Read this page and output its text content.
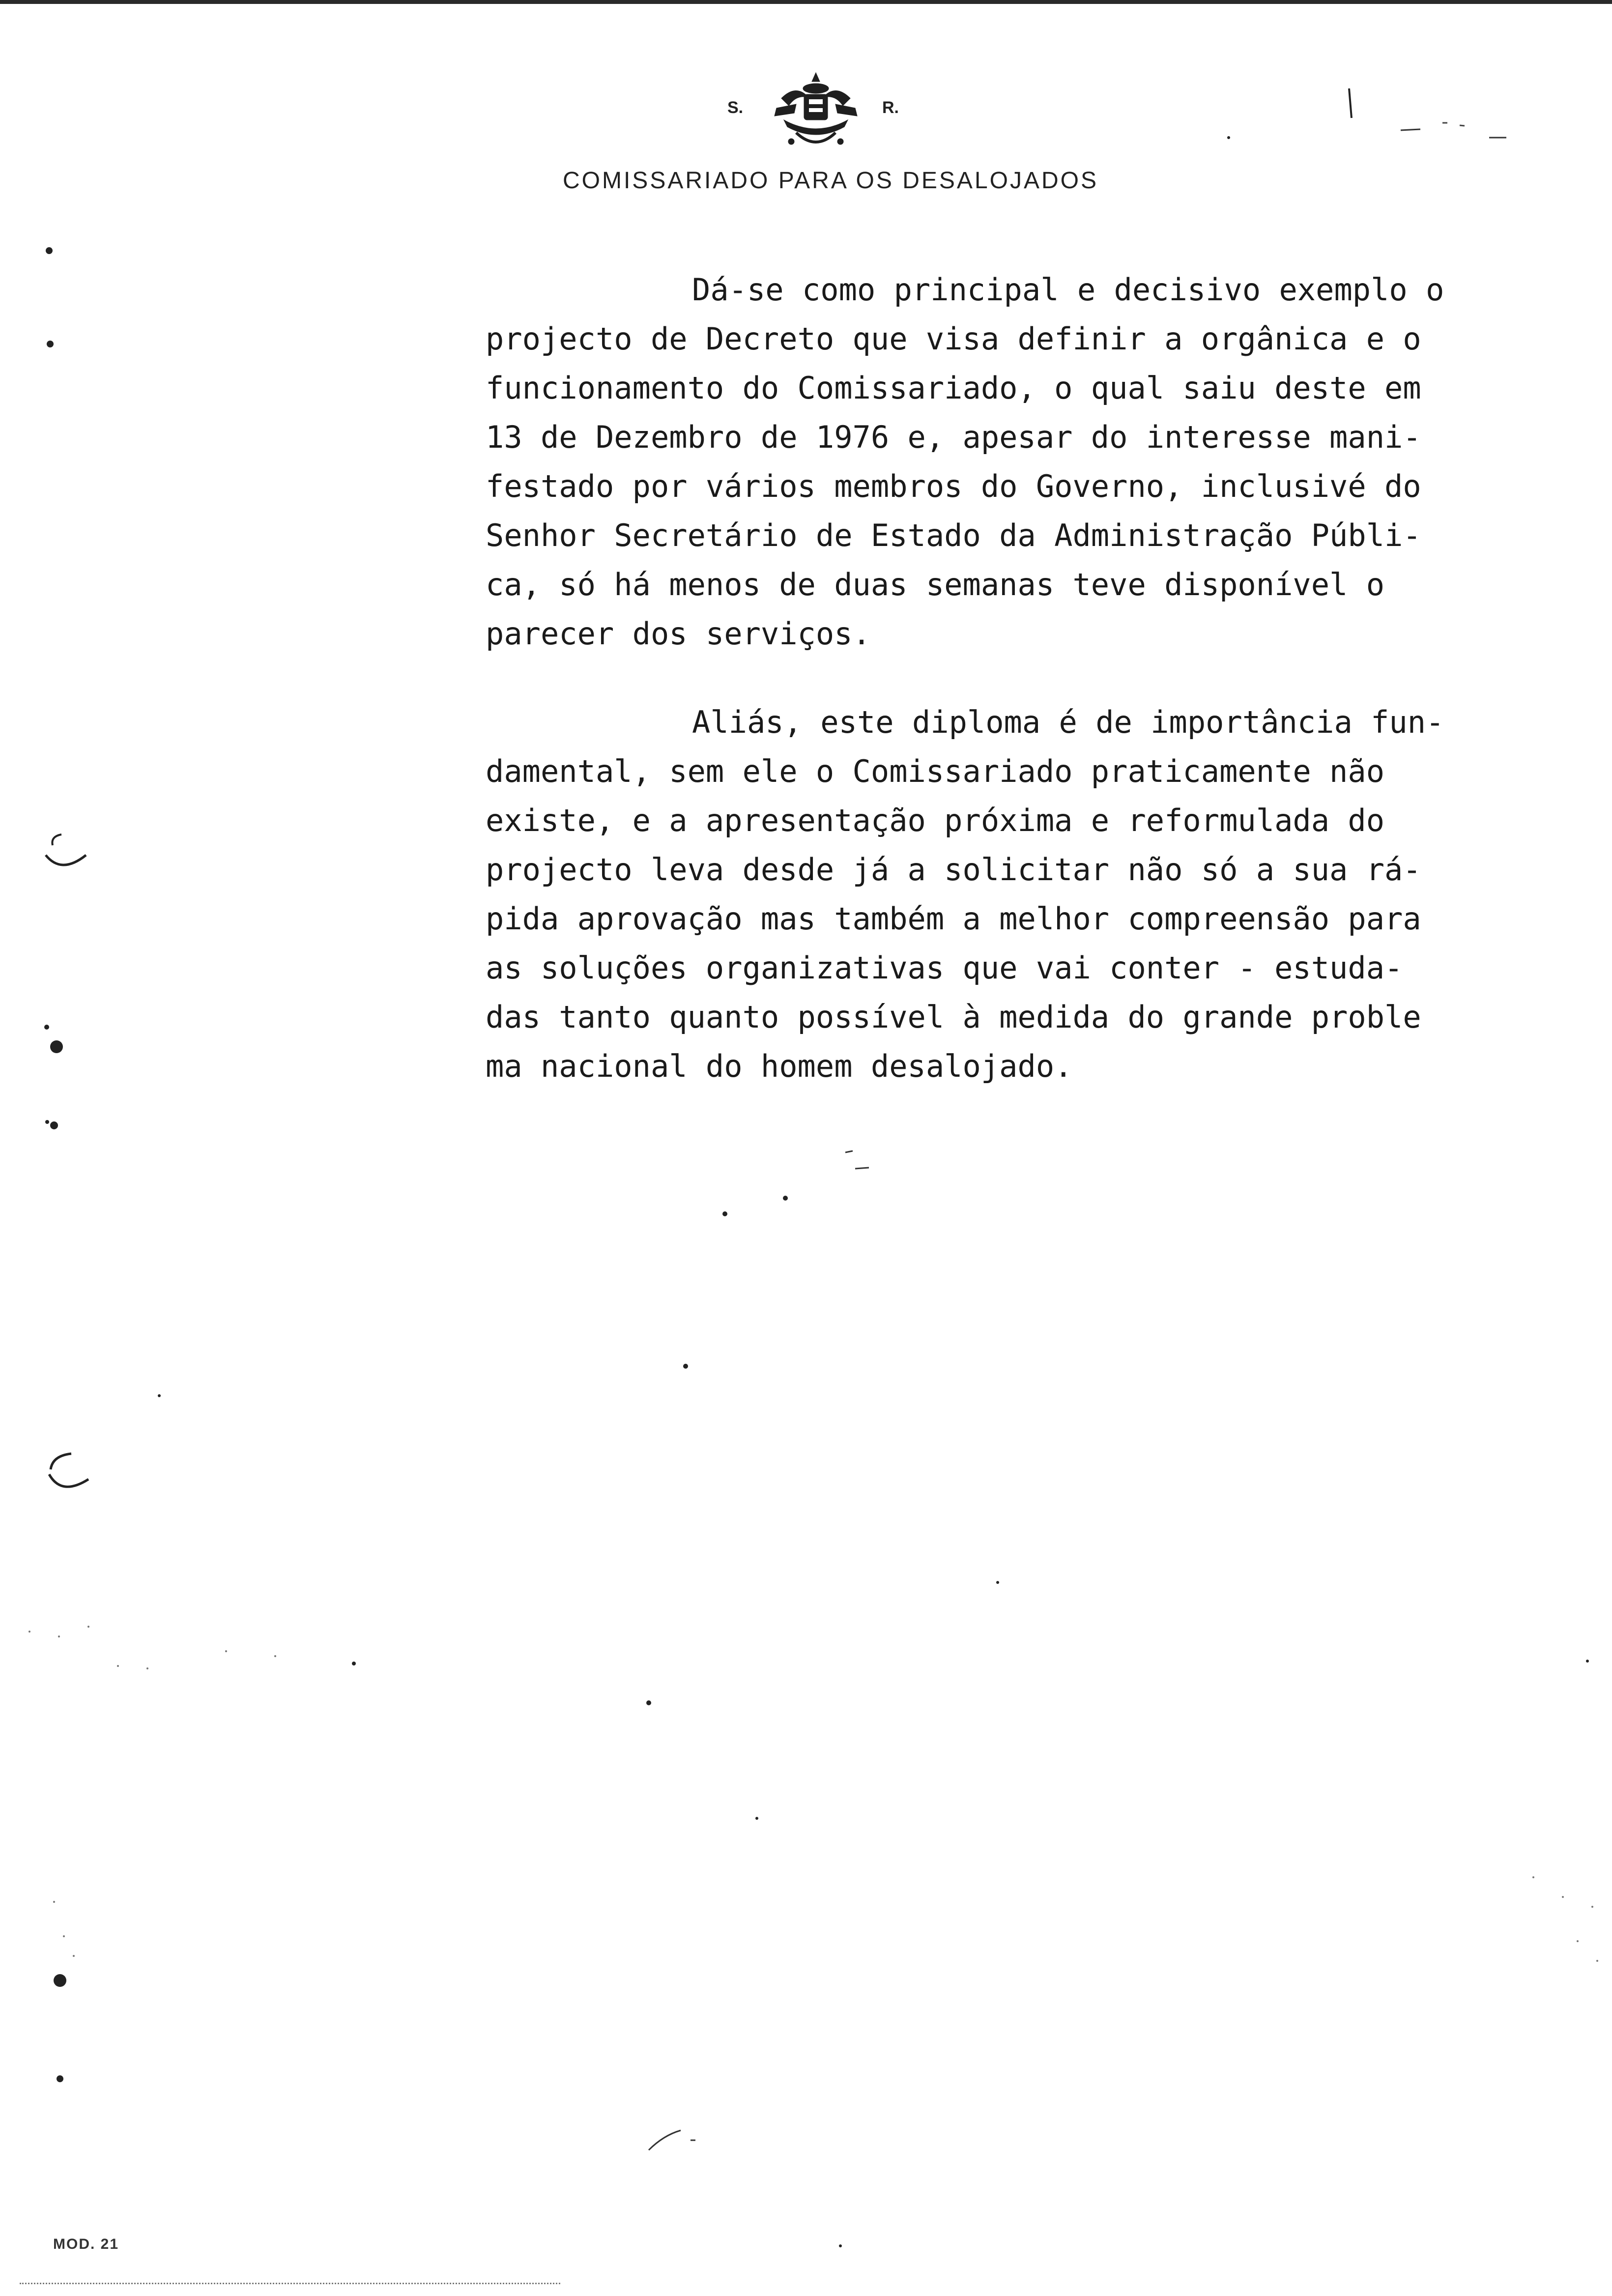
S.	R.
COMISSARIADO PARA OS DESALOJADOS

Dá-se como principal e decisivo exemplo o
projecto de Decreto que visa definir a orgânica e o
funcionamento do Comissariado, o qual saiu deste em
13 de Dezembro de 1976 e, apesar do interesse mani-
festado por vários membros do Governo, inclusivé do
Senhor Secretário de Estado da Administração Públi-
ca, só há menos de duas semanas teve disponível o
parecer dos serviços.

Aliás, este diploma é de importância fun-
damental, sem ele o Comissariado praticamente não
existe, e a apresentação próxima e reformulada do
projecto leva desde já a solicitar não só a sua rá-
pida aprovação mas também a melhor compreensão para
as soluções organizativas que vai conter - estuda-
das tanto quanto possível à medida do grande proble
ma nacional do homem desalojado.

MOD. 21
